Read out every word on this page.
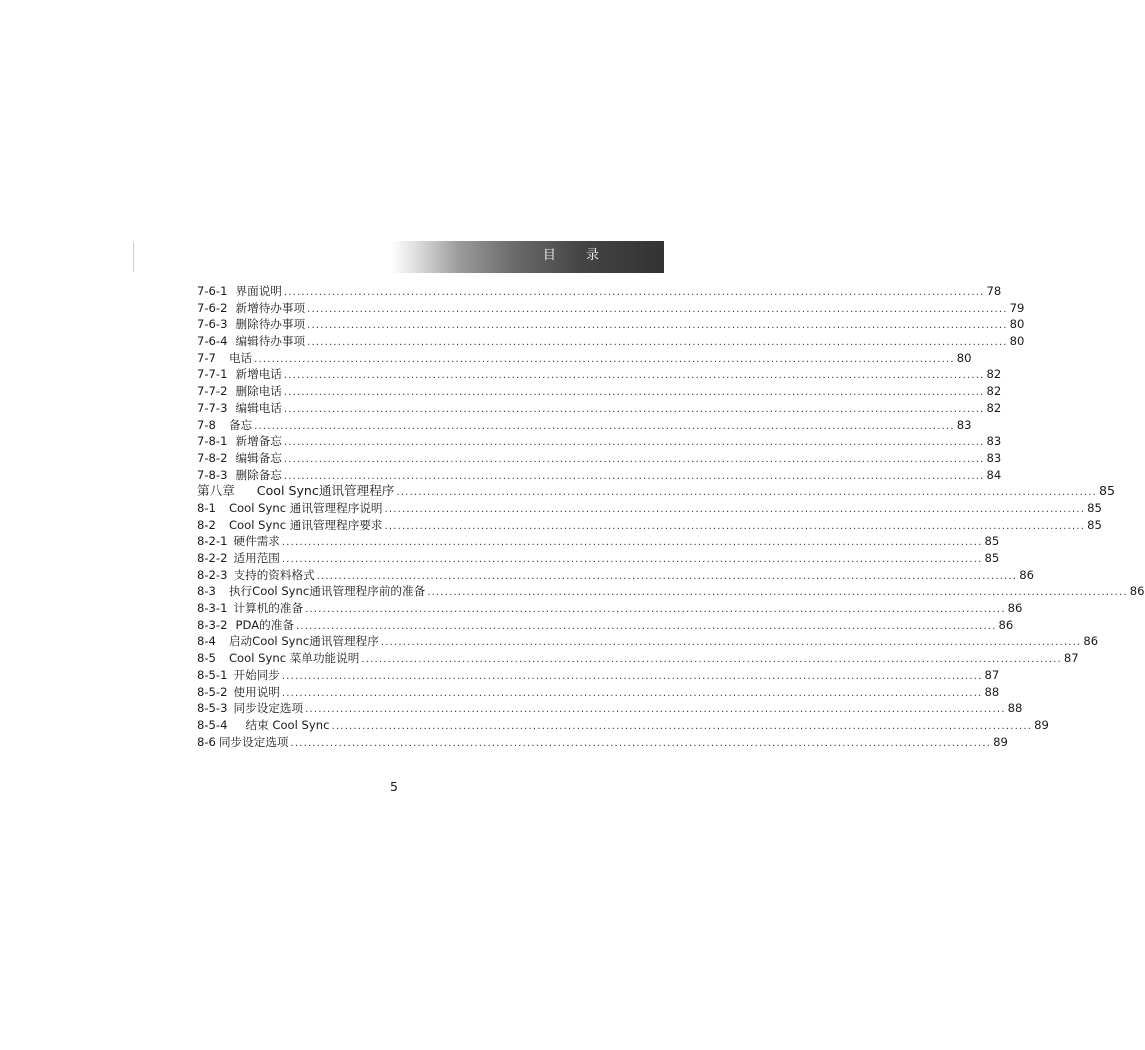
目 录
7-6-1 界面说明 ................................................................................................................................................................ 78
7-6-2 新增待办事项 ................................................................................................................................................................ 79
7-6-3 删除待办事项 ................................................................................................................................................................ 80
7-6-4 编辑待办事项 ................................................................................................................................................................ 80
7-7 电话 ................................................................................................................................................................ 80
7-7-1 新增电话 ................................................................................................................................................................ 82
7-7-2 删除电话 ................................................................................................................................................................ 82
7-7-3 编辑电话 ................................................................................................................................................................ 82
7-8 备忘 ................................................................................................................................................................ 83
7-8-1 新增备忘 ................................................................................................................................................................ 83
7-8-2 编辑备忘 ................................................................................................................................................................ 83
7-8-3 删除备忘 ................................................................................................................................................................ 84
第八章 Cool Sync通讯管理程序 ................................................................................................................................................................ 85
8-1 Cool Sync 通讯管理程序说明 ................................................................................................................................................................ 85
8-2 Cool Sync 通讯管理程序要求 ................................................................................................................................................................ 85
8-2-1 硬件需求 ................................................................................................................................................................ 85
8-2-2 适用范围 ................................................................................................................................................................ 85
8-2-3 支持的资料格式 ................................................................................................................................................................ 86
8-3 执行Cool Sync通讯管理程序前的准备 ................................................................................................................................................................ 86
8-3-1 计算机的准备 ................................................................................................................................................................ 86
8-3-2 PDA的准备 ................................................................................................................................................................ 86
8-4 启动Cool Sync通讯管理程序 ................................................................................................................................................................ 86
8-5 Cool Sync 菜单功能说明 ................................................................................................................................................................ 87
8-5-1 开始同步 ................................................................................................................................................................ 87
8-5-2 使用说明 ................................................................................................................................................................ 88
8-5-3 同步设定选项 ................................................................................................................................................................ 88
8-5-4 结束 Cool Sync ................................................................................................................................................................ 89
8-6 同步设定选项 ................................................................................................................................................................ 89
5
